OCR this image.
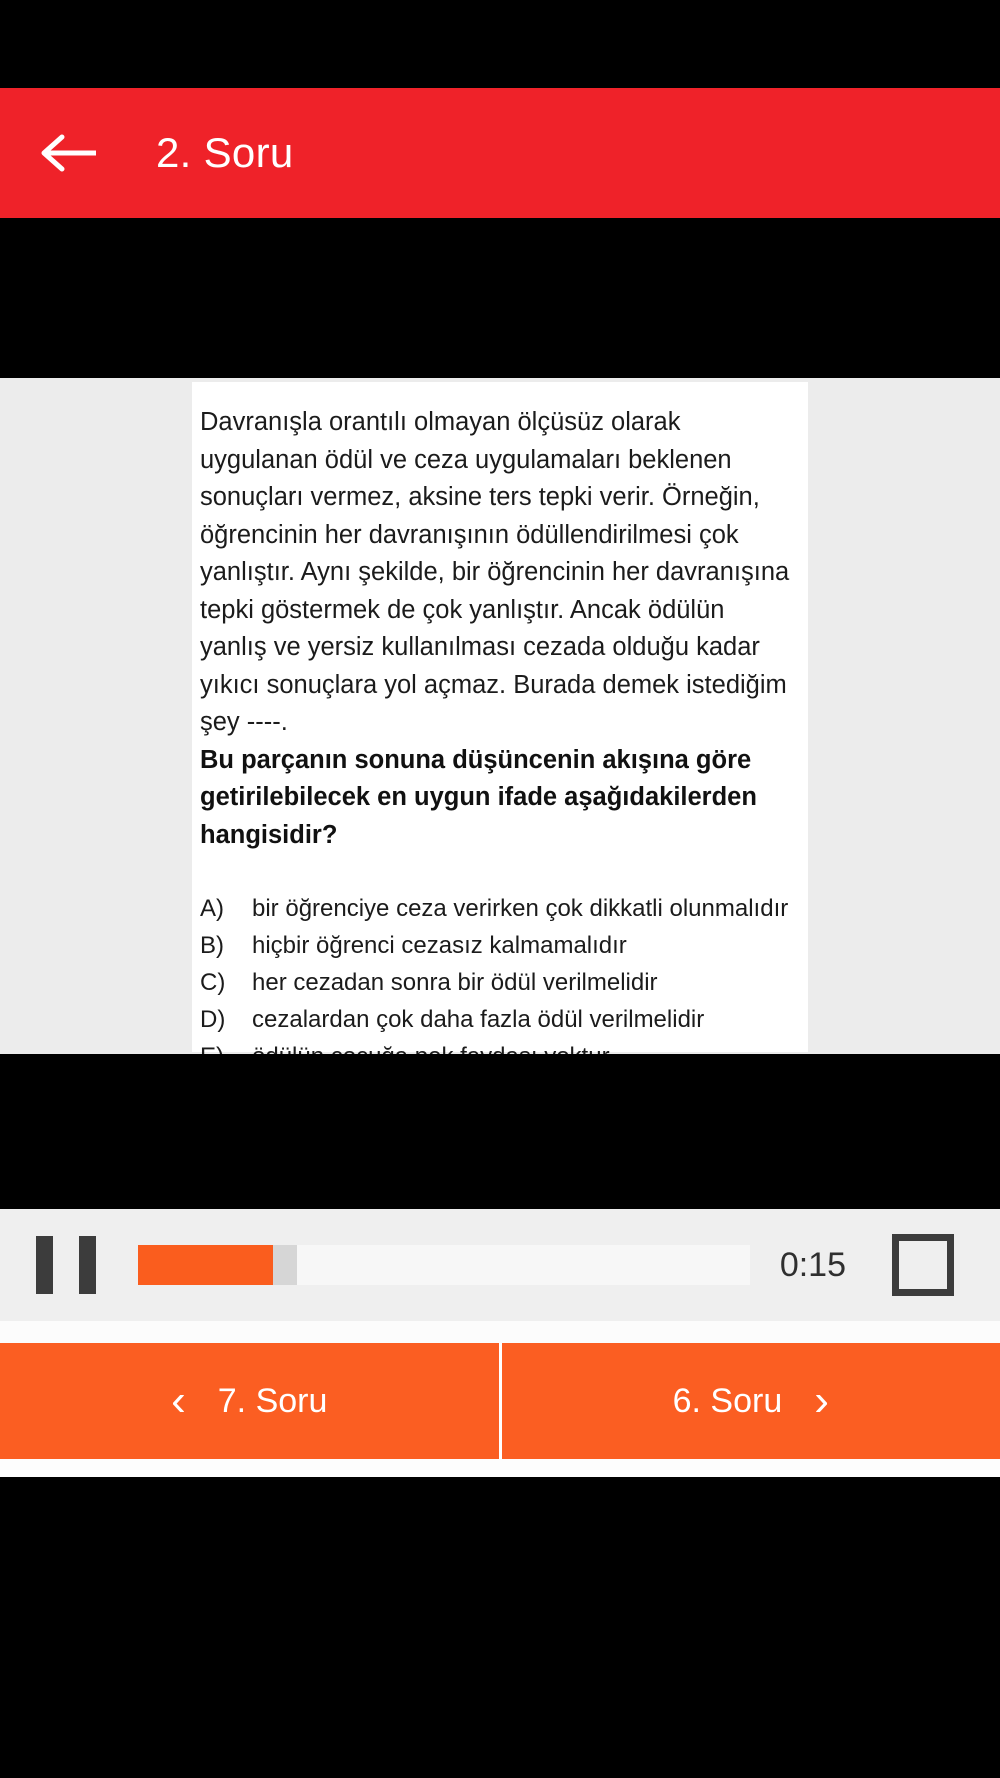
2. Soru
Davranışla orantılı olmayan ölçüsüz olarak uygulanan ödül ve ceza uygulamaları beklenen sonuçları vermez, aksine ters tepki verir. Örneğin, öğrencinin her davranışının ödüllendirilmesi çok yanlıştır. Aynı şekilde, bir öğrencinin her davranışına tepki göstermek de çok yanlıştır. Ancak ödülün yanlış ve yersiz kullanılması cezada olduğu kadar yıkıcı sonuçlara yol açmaz. Burada demek istediğim şey ----.
Bu parçanın sonuna düşüncenin akışına göre getirilebilecek en uygun ifade aşağıdakilerden hangisidir?
A)	bir öğrenciye ceza verirken çok dikkatli olunmalıdır
B)	hiçbir öğrenci cezasız kalmamalıdır
C)	her cezadan sonra bir ödül verilmelidir
D)	cezalardan çok daha fazla ödül verilmelidir
0:15
‹ 7. Soru	6. Soru ›
